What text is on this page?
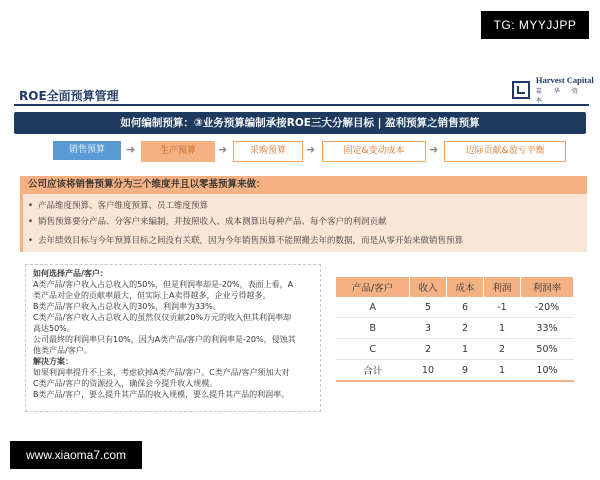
TG: MYYJJPP
ROE全面预算管理
Harvest Capital
嘉 华 资 本
如何编制预算：③业务预算编制承接ROE三大分解目标 | 盈利预算之销售预算
销售预算	➜	生产预算	➜	采购预算	➜	固定&变动成本	➜	边际贡献&盈亏平衡
公司应该将销售预算分为三个维度并且以零基预算来做：
• 产品维度预算、客户维度预算、员工维度预算
• 销售预算要分产品、分客户来编制，并按照收入、成本测算出每种产品、每个客户的利润贡献
• 去年绩效目标与今年预算目标之间没有关联，因为今年销售预算不能照搬去年的数据，而是从零开始来做销售预算
如何选择产品/客户：
A类产品/客户收入占总收入的50%，但是利润率却是-20%，表面上看，A
类产品对企业的贡献率最大，但实际上A卖得越多，企业亏得越多。
B类产品/客户收入占总收入的30%，利润率为33%。
C类产品/客户收入占总收入的虽然仅仅贡献20%万元的收入但其利润率却
高达50%。
公司最终的利润率只有10%，因为A类产品/客户的利润率是-20%，侵蚀其
他类产品/客户。
解决方案：
如果利润率提升不上来，考虑砍掉A类产品/客户。C类产品/客户须加大对
C类产品/客户的资源投入，确保会今提升收入规模。
B类产品/客户，要么提升其产品的收入规模，要么提升其产品的利润率。
产品/客户	收入	成本	利润	利润率
A	5	6	-1	-20%
B	3	2	1	33%
C	2	1	2	50%
合计	10	9	1	10%
www.xiaoma7.com
